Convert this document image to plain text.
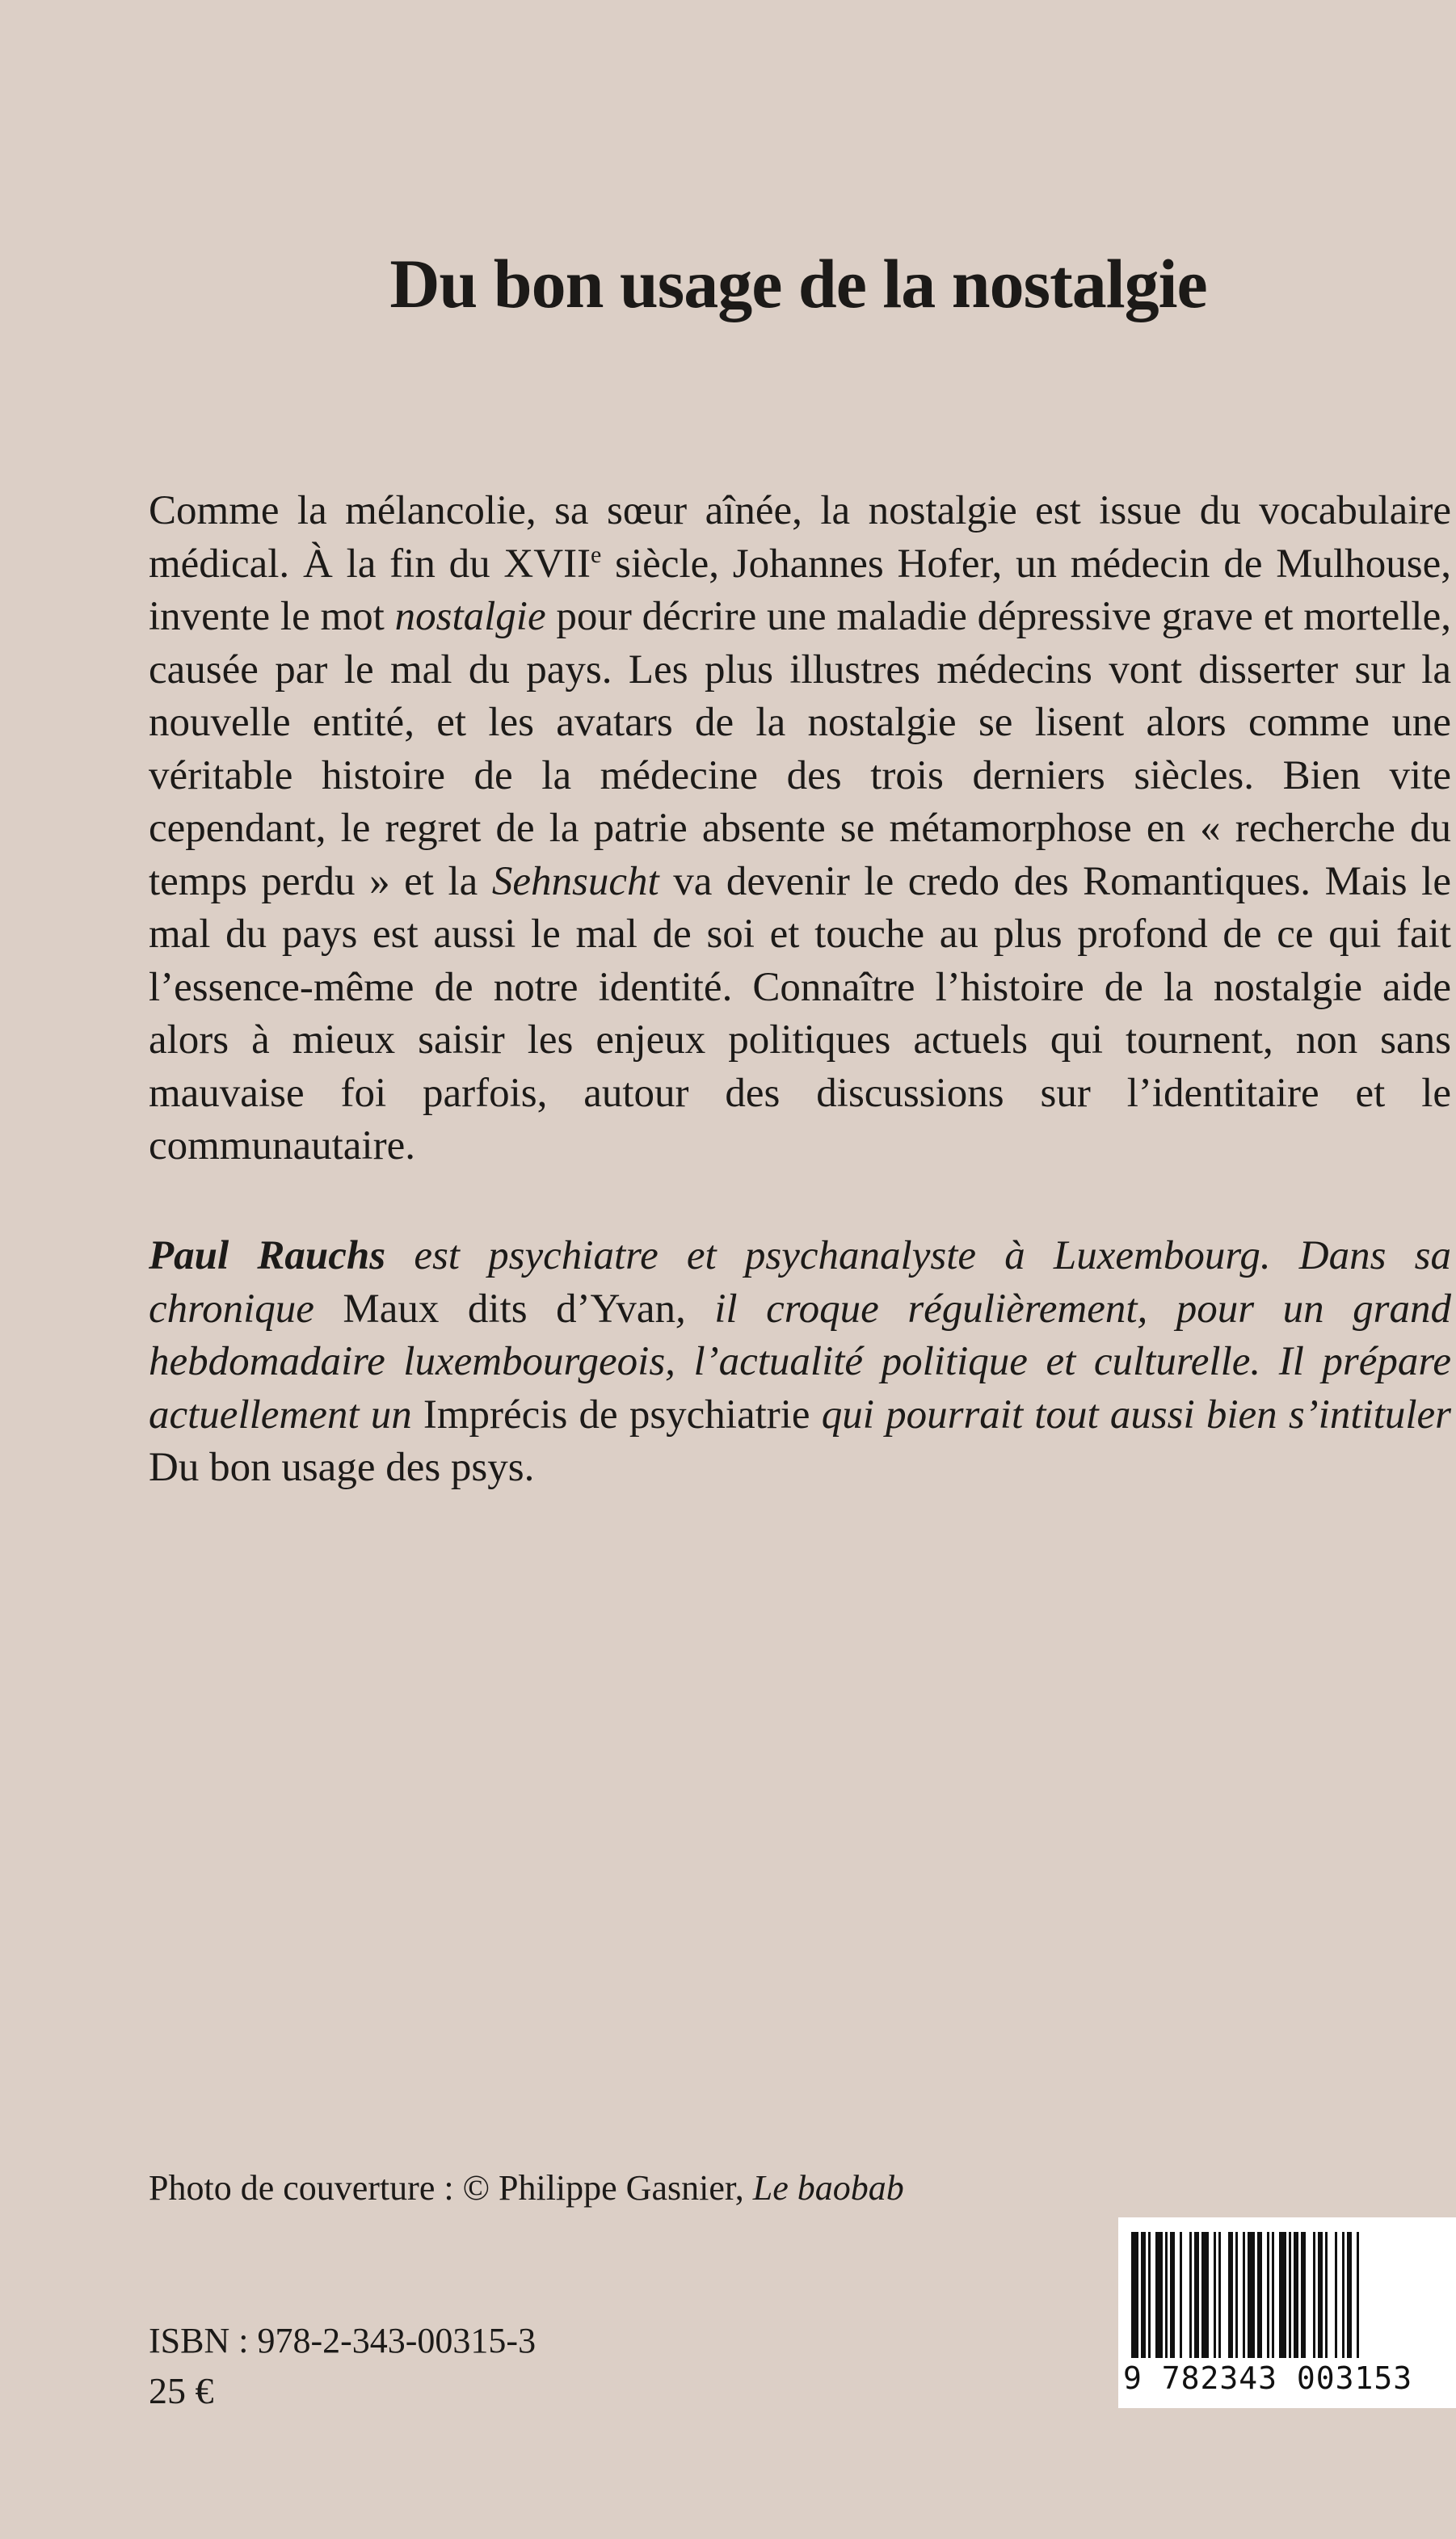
Du bon usage de la nostalgie

Comme la mélancolie, sa sœur aînée, la nostalgie est issue du vocabulaire médical. À la fin du XVIIe siècle, Johannes Hofer, un médecin de Mulhouse, invente le mot nostalgie pour décrire une maladie dépressive grave et mortelle, causée par le mal du pays. Les plus illustres médecins vont disserter sur la nouvelle entité, et les avatars de la nostalgie se lisent alors comme une véritable histoire de la médecine des trois derniers siècles. Bien vite cependant, le regret de la patrie absente se métamorphose en « recherche du temps perdu » et la Sehnsucht va devenir le credo des Romantiques. Mais le mal du pays est aussi le mal de soi et touche au plus profond de ce qui fait l’essence-même de notre identité. Connaître l’histoire de la nostalgie aide alors à mieux saisir les enjeux politiques actuels qui tournent, non sans mauvaise foi parfois, autour des discussions sur l’identitaire et le communautaire.

Paul Rauchs est psychiatre et psychanalyste à Luxembourg. Dans sa chronique Maux dits d’Yvan, il croque régulièrement, pour un grand hebdomadaire luxembourgeois, l’actualité politique et culturelle. Il prépare actuellement un Imprécis de psychiatrie qui pourrait tout aussi bien s’intituler Du bon usage des psys.

Photo de couverture : © Philippe Gasnier, Le baobab

ISBN : 978-2-343-00315-3

25 €	9 782343 003153
